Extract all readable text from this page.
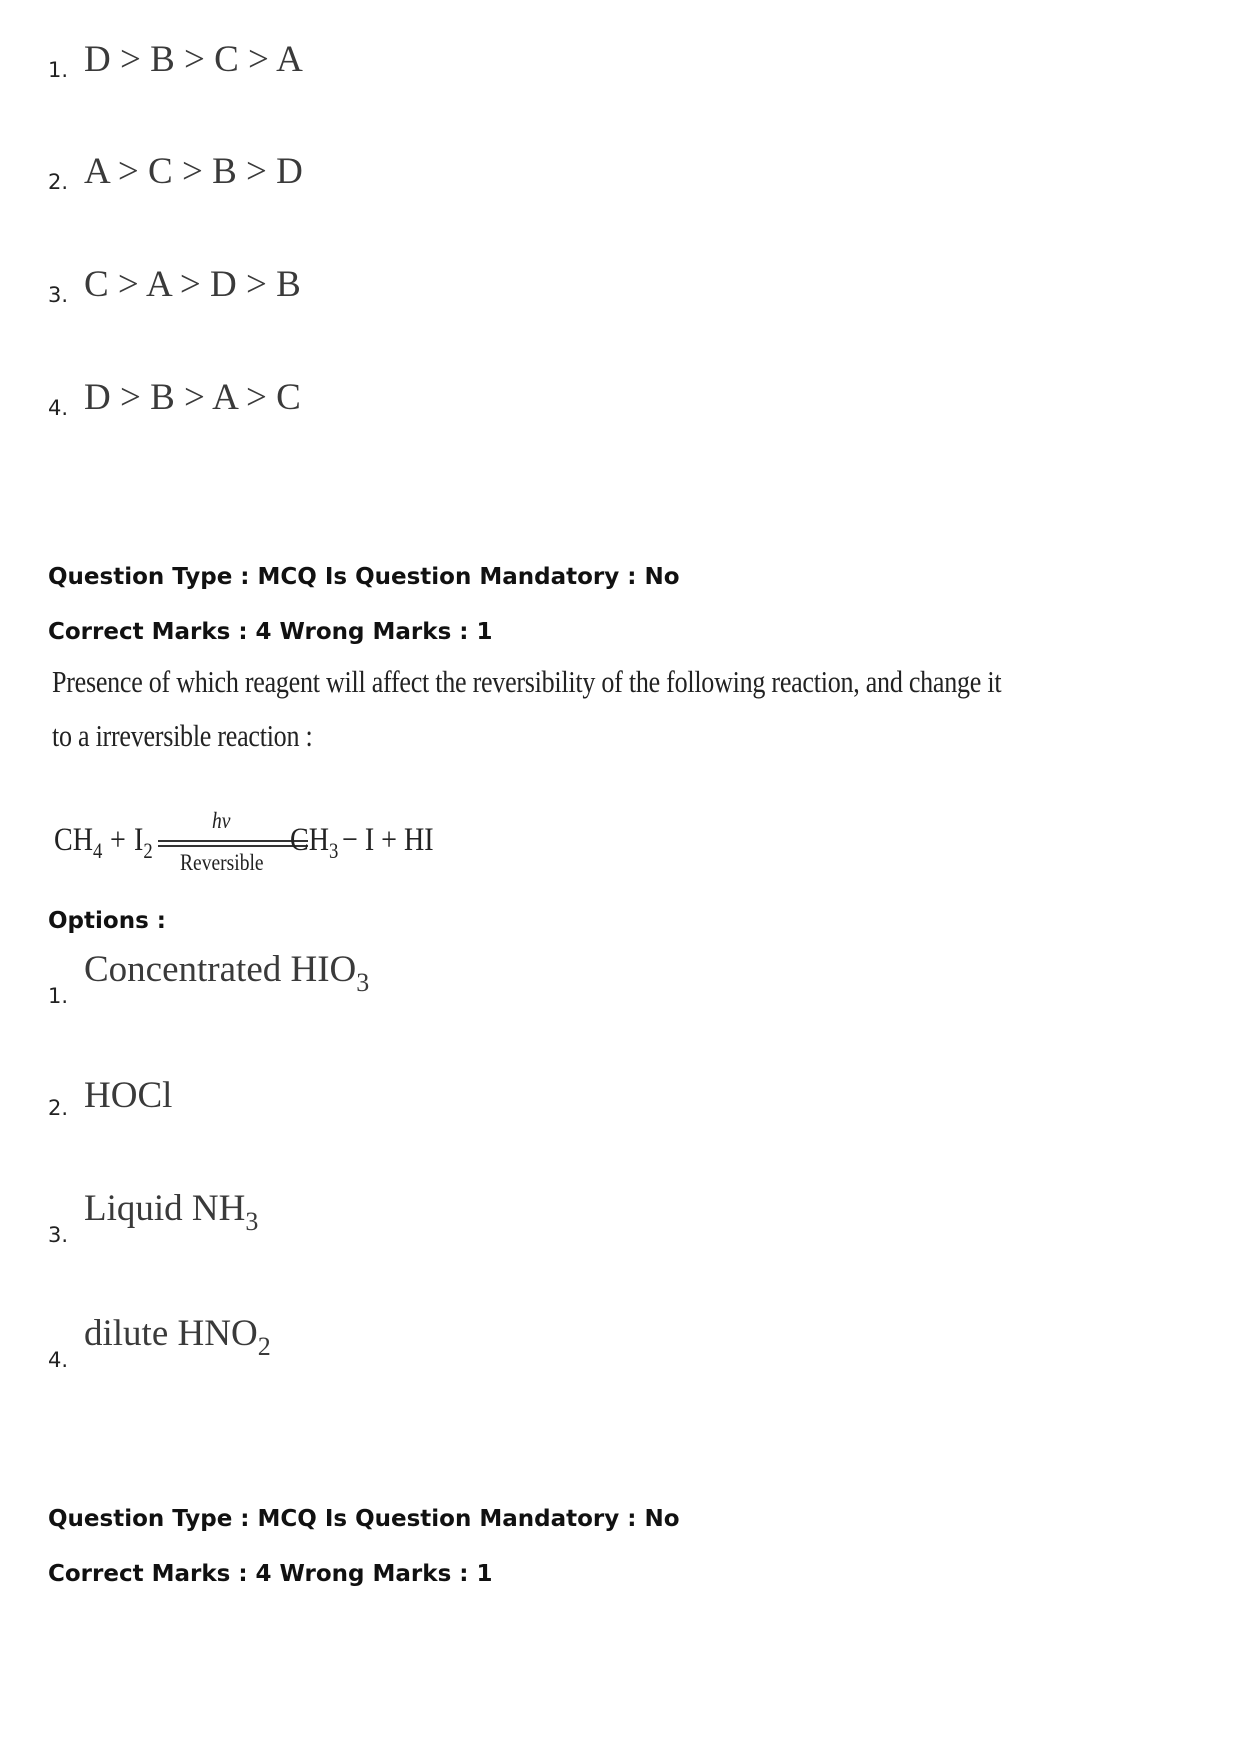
1. D > B > C > A
2. A > C > B > D
3. C > A > D > B
4. D > B > A > C
Question Type : MCQ Is Question Mandatory : No
Correct Marks : 4 Wrong Marks : 1
Presence of which reagent will affect the reversibility of the following reaction, and change it
to a irreversible reaction :
$CH_4 + I_2$
hν
Reversible
$CH_3 - I$ + HI
Options :
1.
Concentrated $HIO_3$
2. HOCl
3.
Liquid $NH_3$
4.
dilute $HNO_2$
Question Type : MCQ Is Question Mandatory : No
Correct Marks : 4 Wrong Marks : 1
